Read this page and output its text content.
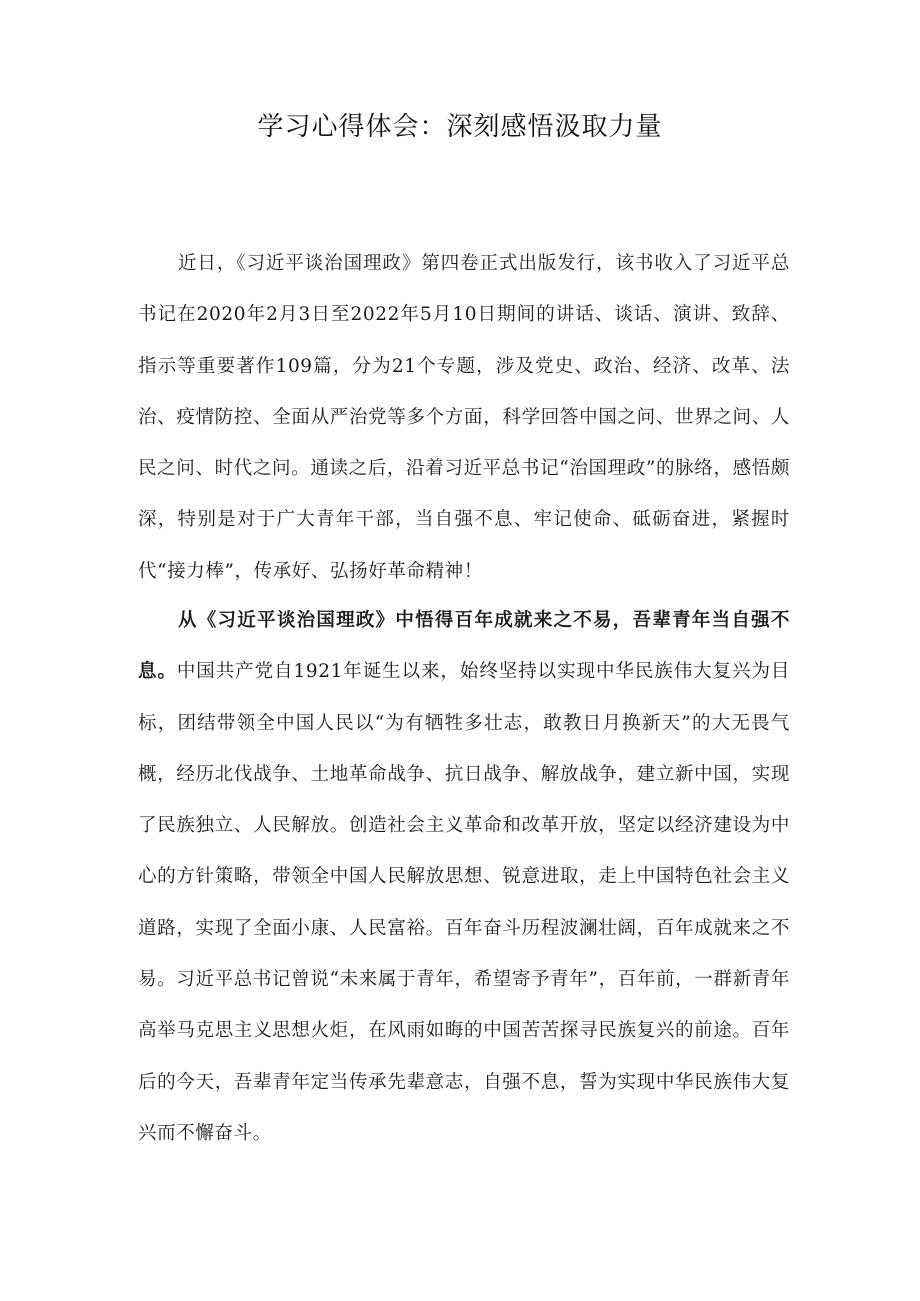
学习心得体会：深刻感悟汲取力量

近日，《习近平谈治国理政》第四卷正式出版发行，该书收入了习近平总书记在2020年2月3日至2022年5月10日期间的讲话、谈话、演讲、致辞、指示等重要著作109篇，分为21个专题，涉及党史、政治、经济、改革、法治、疫情防控、全面从严治党等多个方面，科学回答中国之问、世界之问、人民之问、时代之问。通读之后，沿着习近平总书记“治国理政”的脉络，感悟颇深，特别是对于广大青年干部，当自强不息、牢记使命、砥砺奋进，紧握时代“接力棒”，传承好、弘扬好革命精神！

从《习近平谈治国理政》中悟得百年成就来之不易，吾辈青年当自强不息。中国共产党自1921年诞生以来，始终坚持以实现中华民族伟大复兴为目标，团结带领全中国人民以“为有牺牲多壮志，敢教日月换新天”的大无畏气概，经历北伐战争、土地革命战争、抗日战争、解放战争，建立新中国，实现了民族独立、人民解放。创造社会主义革命和改革开放，坚定以经济建设为中心的方针策略，带领全中国人民解放思想、锐意进取，走上中国特色社会主义道路，实现了全面小康、人民富裕。百年奋斗历程波澜壮阔，百年成就来之不易。习近平总书记曾说“未来属于青年，希望寄予青年”，百年前，一群新青年高举马克思主义思想火炬，在风雨如晦的中国苦苦探寻民族复兴的前途。百年后的今天，吾辈青年定当传承先辈意志，自强不息，誓为实现中华民族伟大复兴而不懈奋斗。
